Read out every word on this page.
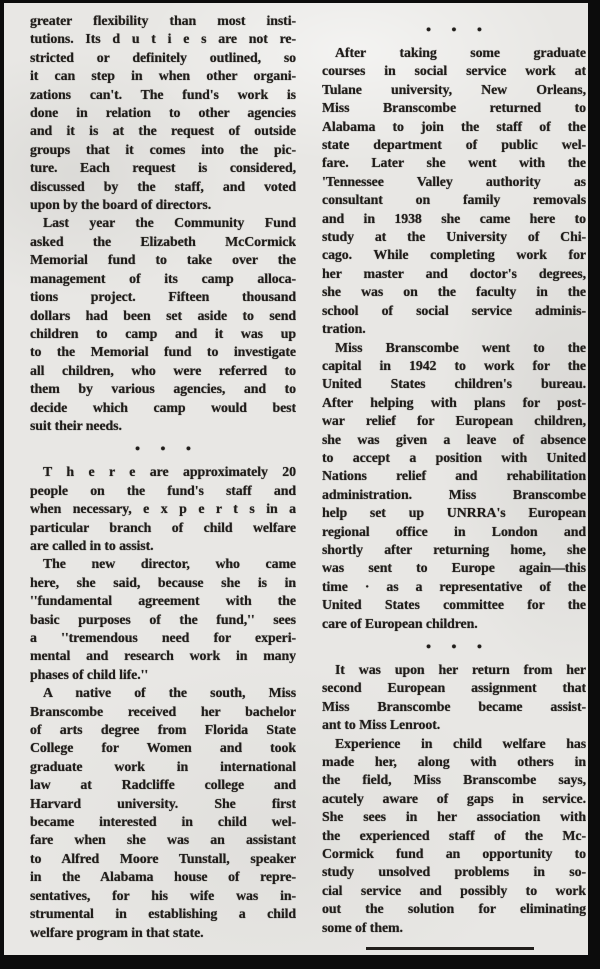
greater flexibility than most insti-
tutions. Its d u t i e s are not re-
stricted or definitely outlined, so
it can step in when other organi-
zations can't. The fund's work is
done in relation to other agencies
and it is at the request of outside
groups that it comes into the pic-
ture. Each request is considered,
discussed by the staff, and voted
upon by the board of directors.
Last year the Community Fund
asked the Elizabeth McCormick
Memorial fund to take over the
management of its camp alloca-
tions project. Fifteen thousand
dollars had been set aside to send
children to camp and it was up
to the Memorial fund to investigate
all children, who were referred to
them by various agencies, and to
decide which camp would best
suit their needs.
• • •
T h e r e are approximately 20
people on the fund's staff and
when necessary, e x p e r t s in a
particular branch of child welfare
are called in to assist.
The new director, who came
here, she said, because she is in
''fundamental agreement with the
basic purposes of the fund,'' sees
a ''tremendous need for experi-
mental and research work in many
phases of child life.''
A native of the south, Miss
Branscombe received her bachelor
of arts degree from Florida State
College for Women and took
graduate work in international
law at Radcliffe college and
Harvard university. She first
became interested in child wel-
fare when she was an assistant
to Alfred Moore Tunstall, speaker
in the Alabama house of repre-
sentatives, for his wife was in-
strumental in establishing a child
welfare program in that state.
• • •
After taking some graduate
courses in social service work at
Tulane university, New Orleans,
Miss Branscombe returned to
Alabama to join the staff of the
state department of public wel-
fare. Later she went with the
'Tennessee Valley authority as
consultant on family removals
and in 1938 she came here to
study at the University of Chi-
cago. While completing work for
her master and doctor's degrees,
she was on the faculty in the
school of social service adminis-
tration.
Miss Branscombe went to the
capital in 1942 to work for the
United States children's bureau.
After helping with plans for post-
war relief for European children,
she was given a leave of absence
to accept a position with United
Nations relief and rehabilitation
administration. Miss Branscombe
help set up UNRRA's European
regional office in London and
shortly after returning home, she
was sent to Europe again—this
time · as a representative of the
United States committee for the
care of European children.
• • •
It was upon her return from her
second European assignment that
Miss Branscombe became assist-
ant to Miss Lenroot.
Experience in child welfare has
made her, along with others in
the field, Miss Branscombe says,
acutely aware of gaps in service.
She sees in her association with
the experienced staff of the Mc-
Cormick fund an opportunity to
study unsolved problems in so-
cial service and possibly to work
out the solution for eliminating
some of them.
